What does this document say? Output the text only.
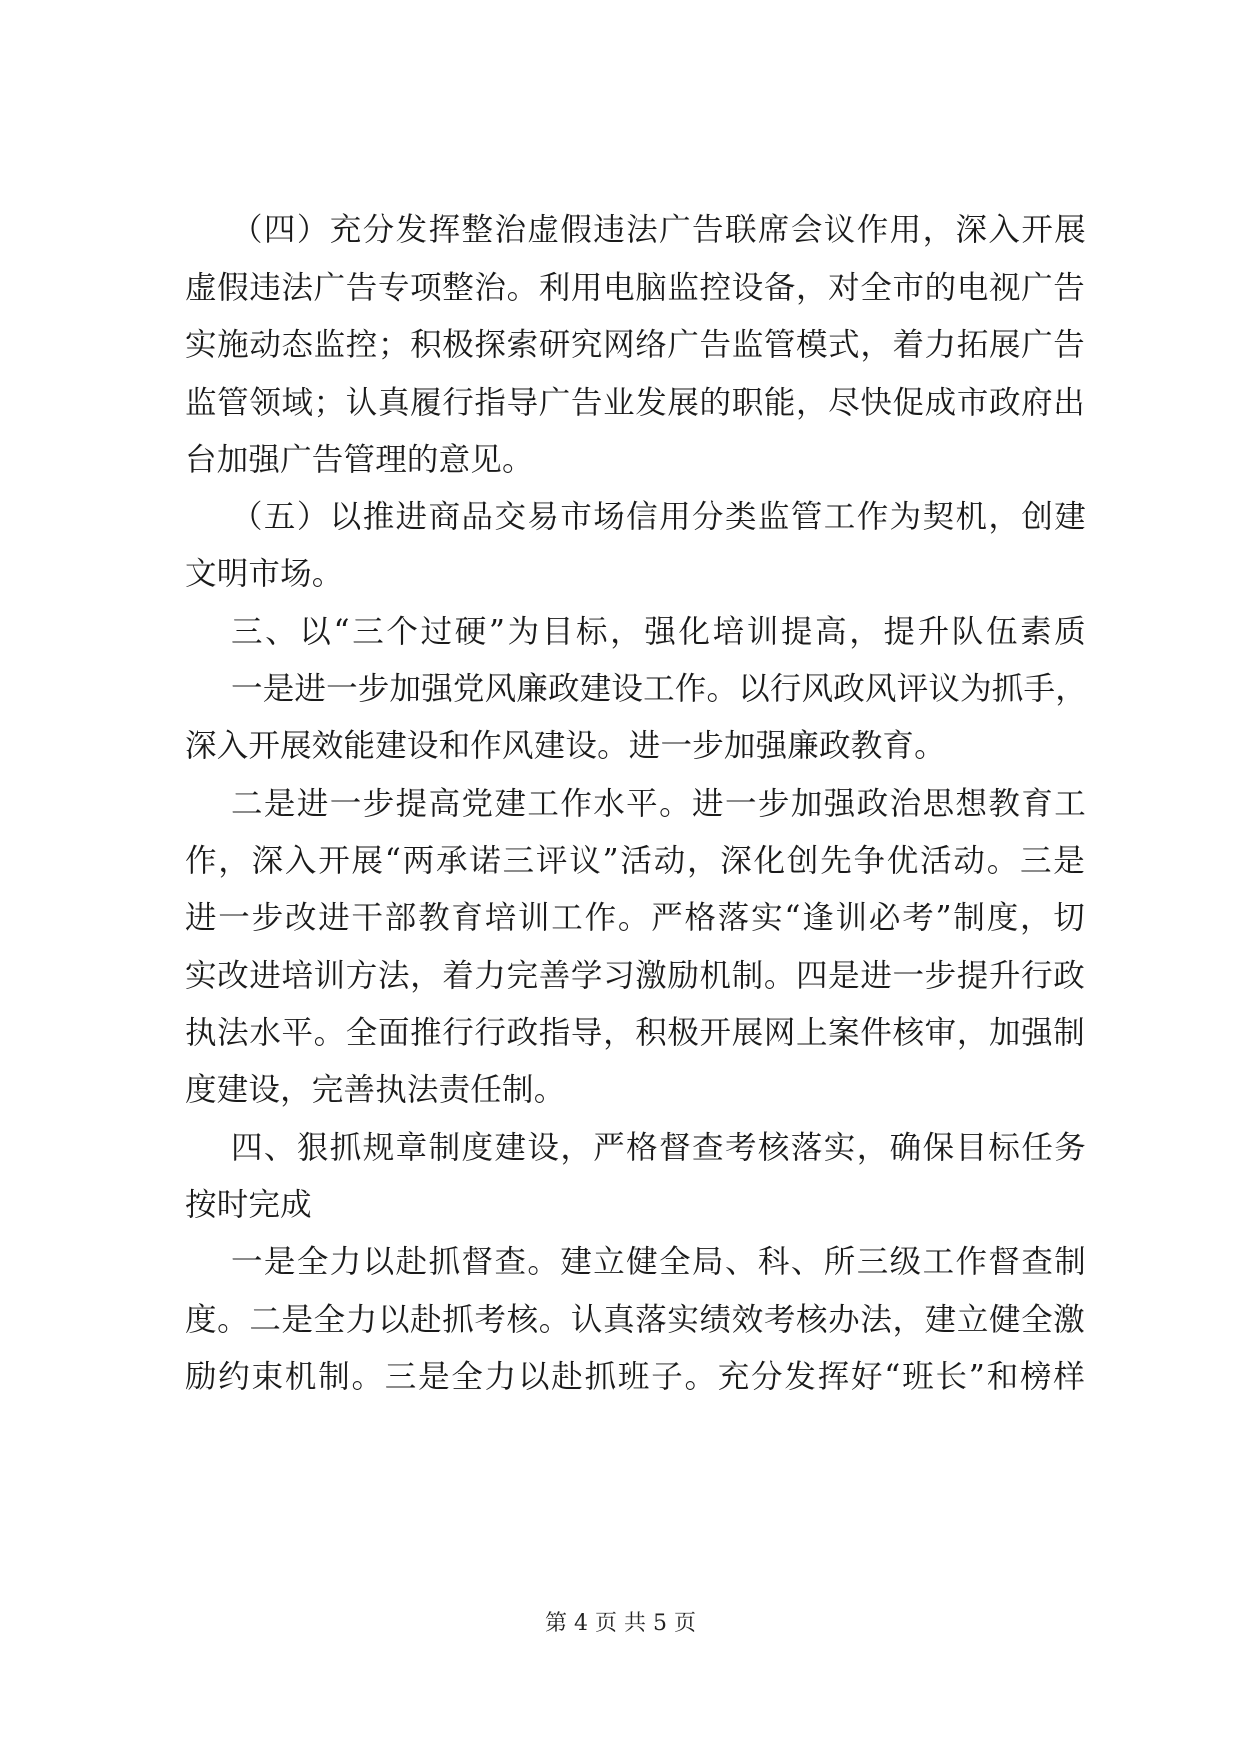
（四）充分发挥整治虚假违法广告联席会议作用，深入开展
虚假违法广告专项整治。利用电脑监控设备，对全市的电视广告
实施动态监控；积极探索研究网络广告监管模式，着力拓展广告
监管领域；认真履行指导广告业发展的职能，尽快促成市政府出
台加强广告管理的意见。
（五）以推进商品交易市场信用分类监管工作为契机，创建
文明市场。
三、以“三个过硬”为目标，强化培训提高，提升队伍素质
一是进一步加强党风廉政建设工作。以行风政风评议为抓手，
深入开展效能建设和作风建设。进一步加强廉政教育。
二是进一步提高党建工作水平。进一步加强政治思想教育工
作，深入开展“两承诺三评议”活动，深化创先争优活动。三是
进一步改进干部教育培训工作。严格落实“逢训必考”制度，切
实改进培训方法，着力完善学习激励机制。四是进一步提升行政
执法水平。全面推行行政指导，积极开展网上案件核审，加强制
度建设，完善执法责任制。
四、狠抓规章制度建设，严格督查考核落实，确保目标任务
按时完成
一是全力以赴抓督查。建立健全局、科、所三级工作督查制
度。二是全力以赴抓考核。认真落实绩效考核办法，建立健全激
励约束机制。三是全力以赴抓班子。充分发挥好“班长”和榜样
第 4 页 共 5 页
